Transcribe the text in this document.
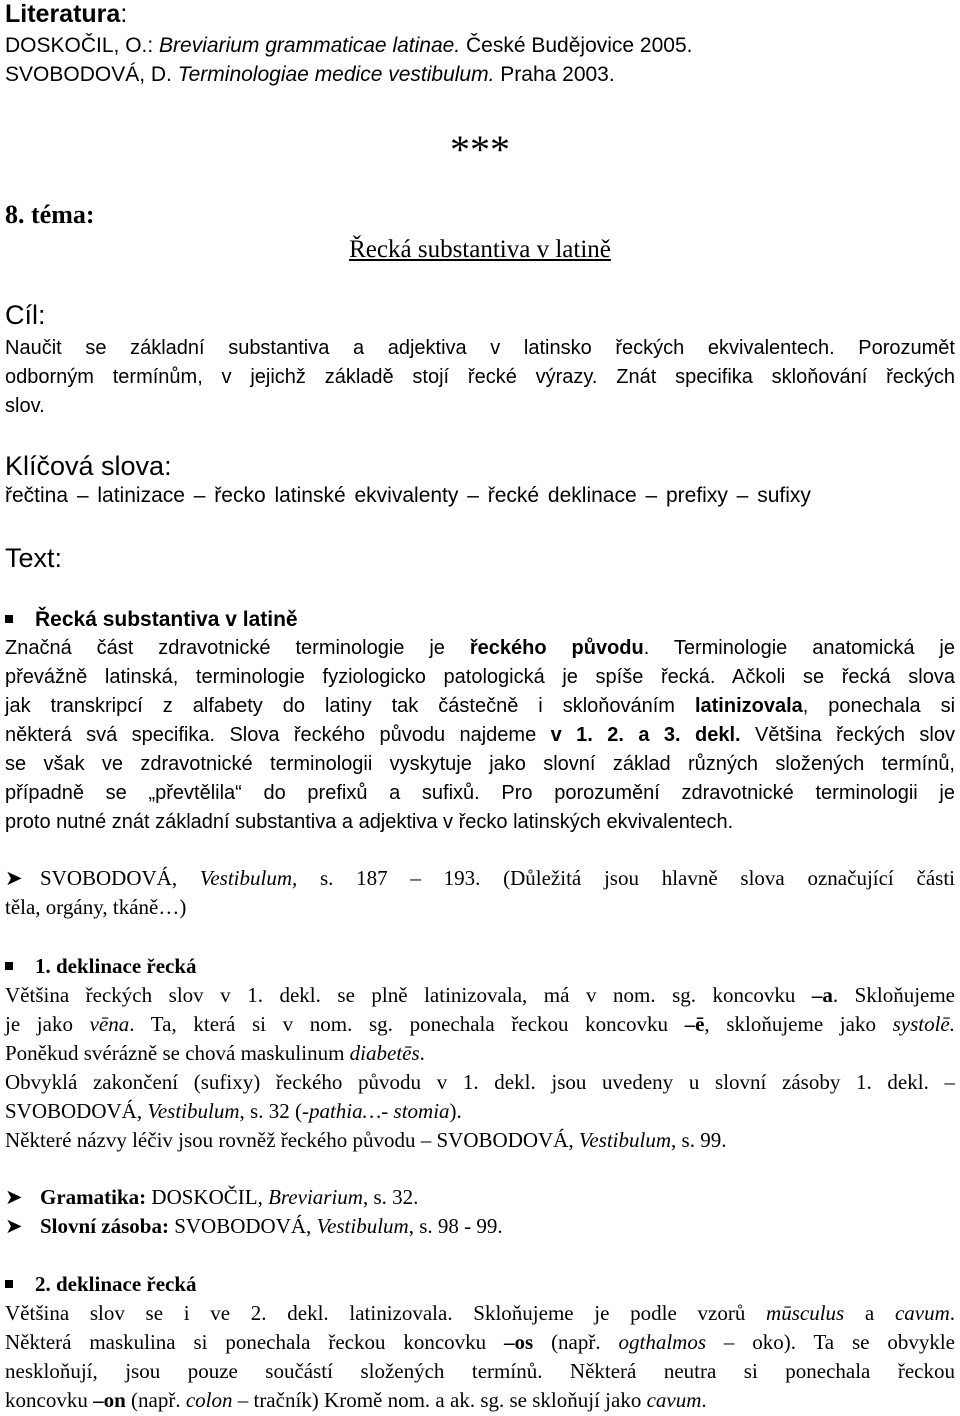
Literatura:
DOSKOČIL, O.: Breviarium grammaticae latinae. České Budějovice 2005.
SVOBODOVÁ, D. Terminologiae medice vestibulum. Praha 2003.
***
8. téma:
Řecká substantiva v latině
Cíl:
Naučit se základní substantiva a adjektiva v latinsko řeckých ekvivalentech. Porozumět
odborným termínům, v jejichž základě stojí řecké výrazy. Znát specifika skloňování řeckých
slov.
Klíčová slova:
řečtina – latinizace – řecko latinské ekvivalenty – řecké deklinace – prefixy – sufixy
Text:
Řecká substantiva v latině
Značná část zdravotnické terminologie je řeckého původu. Terminologie anatomická je
převážně latinská, terminologie fyziologicko patologická je spíše řecká. Ačkoli se řecká slova
jak transkripcí z alfabety do latiny tak částečně i skloňováním latinizovala, ponechala si
některá svá specifika. Slova řeckého původu najdeme v 1. 2. a 3. dekl. Většina řeckých slov
se však ve zdravotnické terminologii vyskytuje jako slovní základ různých složených termínů,
případně se „převtělila“ do prefixů a sufixů. Pro porozumění zdravotnické terminologii je
proto nutné znát základní substantiva a adjektiva v řecko latinských ekvivalentech.
➤ SVOBODOVÁ, Vestibulum, s. 187 – 193. (Důležitá jsou hlavně slova označující části
těla, orgány, tkáně…)
1. deklinace řecká
Většina řeckých slov v 1. dekl. se plně latinizovala, má v nom. sg. koncovku –a. Skloňujeme
je jako vēna. Ta, která si v nom. sg. ponechala řeckou koncovku –ē, skloňujeme jako systolē.
Poněkud svérázně se chová maskulinum diabetēs.
Obvyklá zakončení (sufixy) řeckého původu v 1. dekl. jsou uvedeny u slovní zásoby 1. dekl. –
SVOBODOVÁ, Vestibulum, s. 32 (-pathia…- stomia).
Některé názvy léčiv jsou rovněž řeckého původu – SVOBODOVÁ, Vestibulum, s. 99.
➤ Gramatika: DOSKOČIL, Breviarium, s. 32.
➤ Slovní zásoba: SVOBODOVÁ, Vestibulum, s. 98 - 99.
2. deklinace řecká
Většina slov se i ve 2. dekl. latinizovala. Skloňujeme je podle vzorů mūsculus a cavum.
Některá maskulina si ponechala řeckou koncovku –os (např. ogthalmos – oko). Ta se obvykle
neskloňují, jsou pouze součástí složených termínů. Některá neutra si ponechala řeckou
koncovku –on (např. colon – tračník) Kromě nom. a ak. sg. se skloňují jako cavum.
